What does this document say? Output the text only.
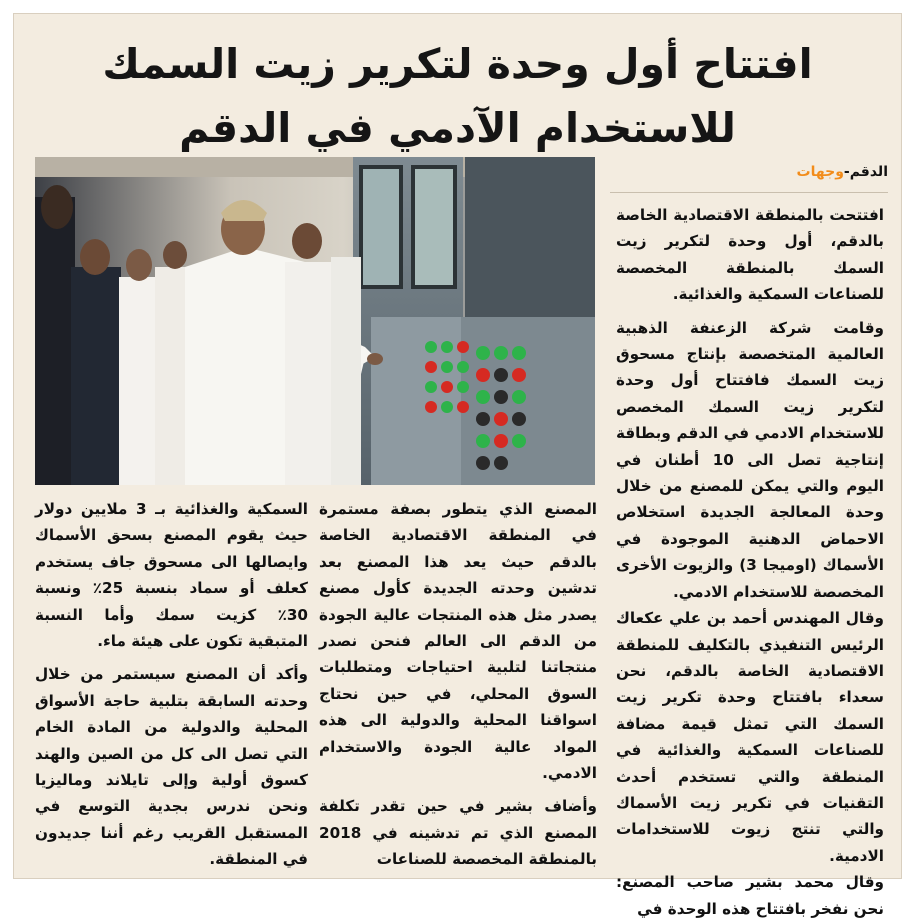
افتتاح أول وحدة لتكرير زيت السمك
للاستخدام الآدمي في الدقم
الدقم-وجهات

افتتحت بالمنطقة الاقتصادية الخاصة بالدقم، أول وحدة لتكرير زيت السمك بالمنطقة المخصصة للصناعات السمكية والغذائية.

وقامت شركة الزعنفة الذهبية العالمية المتخصصة بإنتاج مسحوق زيت السمك فافتتاح أول وحدة لتكرير زيت السمك المخصص للاستخدام الادمي في الدقم وبطاقة إنتاجية تصل الى 10 أطنان في اليوم والتي يمكن للمصنع من خلال وحدة المعالجة الجديدة استخلاص الاحماض الدهنية الموجودة في الأسماك (اوميجا 3) والزيوت الأخرى المخصصة للاستخدام الادمي.

وقال المهندس أحمد بن علي عكعاك الرئيس التنفيذي بالتكليف للمنطقة الاقتصادية الخاصة بالدقم، نحن سعداء بافتتاح وحدة تكرير زيت السمك التي تمثل قيمة مضافة للصناعات السمكية والغذائية في المنطقة والتي تستخدم أحدث التقنيات في تكرير زيت الأسماك والتي تنتج زيوت للاستخدامات الادمية.

وقال محمد بشير صاحب المصنع: نحن نفخر بافتتاح هذه الوحدة في

المصنع الذي يتطور بصفة مستمرة في المنطقة الاقتصادية الخاصة بالدقم حيث يعد هذا المصنع بعد تدشين وحدته الجديدة كأول مصنع يصدر مثل هذه المنتجات عالية الجودة من الدقم الى العالم فنحن نصدر منتجاتنا لتلبية احتياجات ومتطلبات السوق المحلي، في حين نحتاج اسواقنا المحلية والدولية الى هذه المواد عالية الجودة والاستخدام الادمي.

وأضاف بشير في حين تقدر تكلفة المصنع الذي تم تدشينه في 2018 بالمنطقة المخصصة للصناعات

السمكية والغذائية بـ 3 ملايين دولار حيث يقوم المصنع بسحق الأسماك وايصالها الى مسحوق جاف يستخدم كعلف أو سماد بنسبة 25٪ ونسبة 30٪ كزيت سمك وأما النسبة المتبقية تكون على هيئة ماء.

وأكد أن المصنع سيستمر من خلال وحدته السابقة بتلبية حاجة الأسواق المحلية والدولية من المادة الخام التي تصل الى كل من الصين والهند كسوق أولية وإلى تايلاند وماليزيا ونحن ندرس بجدية التوسع في المستقبل القريب رغم أننا جديدون في المنطقة.
